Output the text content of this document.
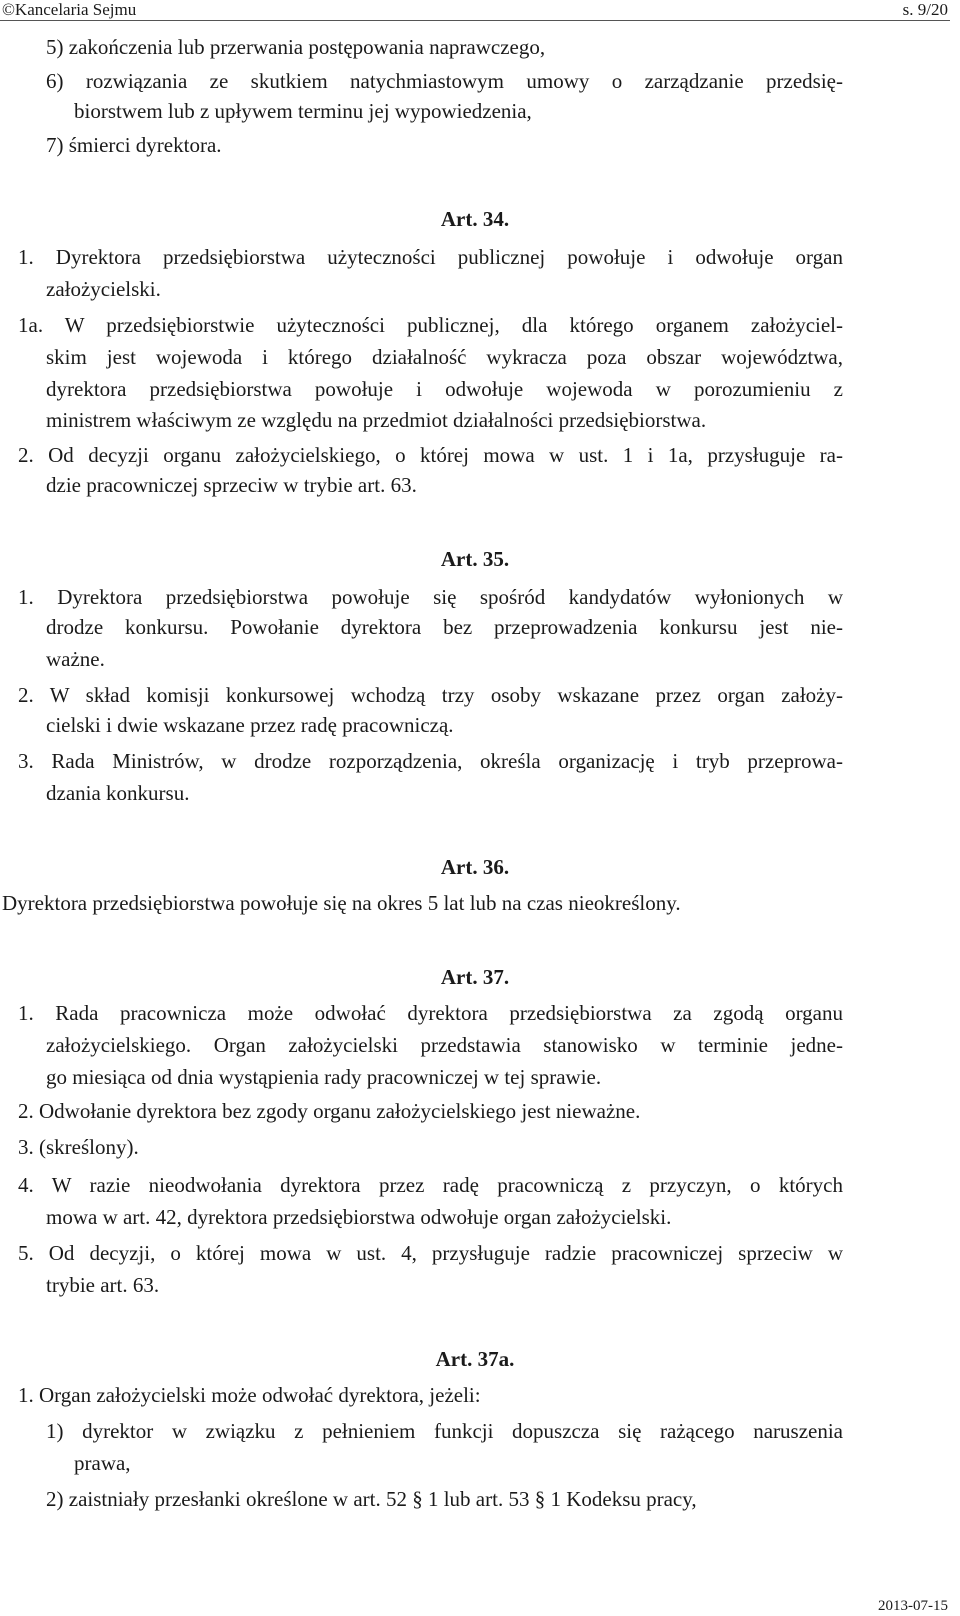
©Kancelaria Sejmu	s. 9/20
5) zakończenia lub przerwania postępowania naprawczego,
6) rozwiązania ze skutkiem natychmiastowym umowy o zarządzanie przedsię-
biorstwem lub z upływem terminu jej wypowiedzenia,
7) śmierci dyrektora.
Art. 34.
1. Dyrektora przedsiębiorstwa użyteczności publicznej powołuje i odwołuje organ
założycielski.
1a. W przedsiębiorstwie użyteczności publicznej, dla którego organem założyciel-
skim jest wojewoda i którego działalność wykracza poza obszar województwa,
dyrektora przedsiębiorstwa powołuje i odwołuje wojewoda w porozumieniu z
ministrem właściwym ze względu na przedmiot działalności przedsiębiorstwa.
2. Od decyzji organu założycielskiego, o której mowa w ust. 1 i 1a, przysługuje ra-
dzie pracowniczej sprzeciw w trybie art. 63.
Art. 35.
1. Dyrektora przedsiębiorstwa powołuje się spośród kandydatów wyłonionych w
drodze konkursu. Powołanie dyrektora bez przeprowadzenia konkursu jest nie-
ważne.
2. W skład komisji konkursowej wchodzą trzy osoby wskazane przez organ założy-
cielski i dwie wskazane przez radę pracowniczą.
3. Rada Ministrów, w drodze rozporządzenia, określa organizację i tryb przeprowa-
dzania konkursu.
Art. 36.
Dyrektora przedsiębiorstwa powołuje się na okres 5 lat lub na czas nieokreślony.
Art. 37.
1. Rada pracownicza może odwołać dyrektora przedsiębiorstwa za zgodą organu
założycielskiego. Organ założycielski przedstawia stanowisko w terminie jedne-
go miesiąca od dnia wystąpienia rady pracowniczej w tej sprawie.
2. Odwołanie dyrektora bez zgody organu założycielskiego jest nieważne.
3. (skreślony).
4. W razie nieodwołania dyrektora przez radę pracowniczą z przyczyn, o których
mowa w art. 42, dyrektora przedsiębiorstwa odwołuje organ założycielski.
5. Od decyzji, o której mowa w ust. 4, przysługuje radzie pracowniczej sprzeciw w
trybie art. 63.
Art. 37a.
1. Organ założycielski może odwołać dyrektora, jeżeli:
1) dyrektor w związku z pełnieniem funkcji dopuszcza się rażącego naruszenia
prawa,
2) zaistniały przesłanki określone w art. 52 § 1 lub art. 53 § 1 Kodeksu pracy,
2013-07-15
